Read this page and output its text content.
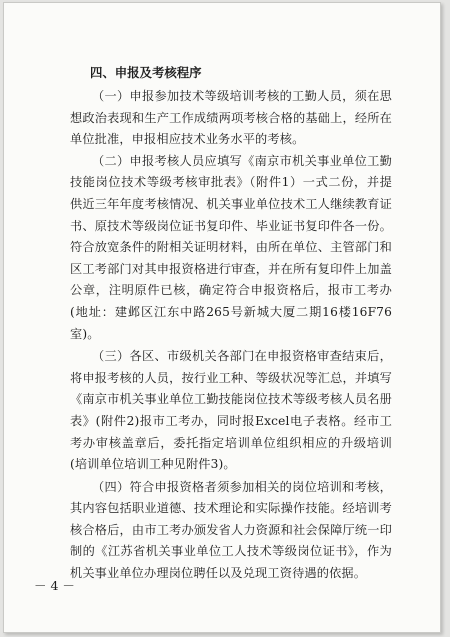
四、申报及考核程序

（一）申报参加技术等级培训考核的工勤人员，须在思想政治表现和生产工作成绩两项考核合格的基础上，经所在单位批准，申报相应技术业务水平的考核。

（二）申报考核人员应填写《南京市机关事业单位工勤技能岗位技术等级考核审批表》（附件1）一式二份，并提供近三年年度考核情况、机关事业单位技术工人继续教育证书、原技术等级岗位证书复印件、毕业证书复印件各一份。符合放宽条件的附相关证明材料，由所在单位、主管部门和区工考部门对其申报资格进行审查，并在所有复印件上加盖公章，注明原件已核，确定符合申报资格后，报市工考办(地址：建邺区江东中路265号新城大厦二期16楼16F76室)。

（三）各区、市级机关各部门在申报资格审查结束后，将申报考核的人员，按行业工种、等级状况等汇总，并填写《南京市机关事业单位工勤技能岗位技术等级考核人员名册表》(附件2)报市工考办，同时报Excel电子表格。经市工考办审核盖章后，委托指定培训单位组织相应的升级培训(培训单位培训工种见附件3)。

（四）符合申报资格者须参加相关的岗位培训和考核，其内容包括职业道德、技术理论和实际操作技能。经培训考核合格后，由市工考办颁发省人力资源和社会保障厅统一印制的《江苏省机关事业单位工人技术等级岗位证书》，作为机关事业单位办理岗位聘任以及兑现工资待遇的依据。

－ 4 －
